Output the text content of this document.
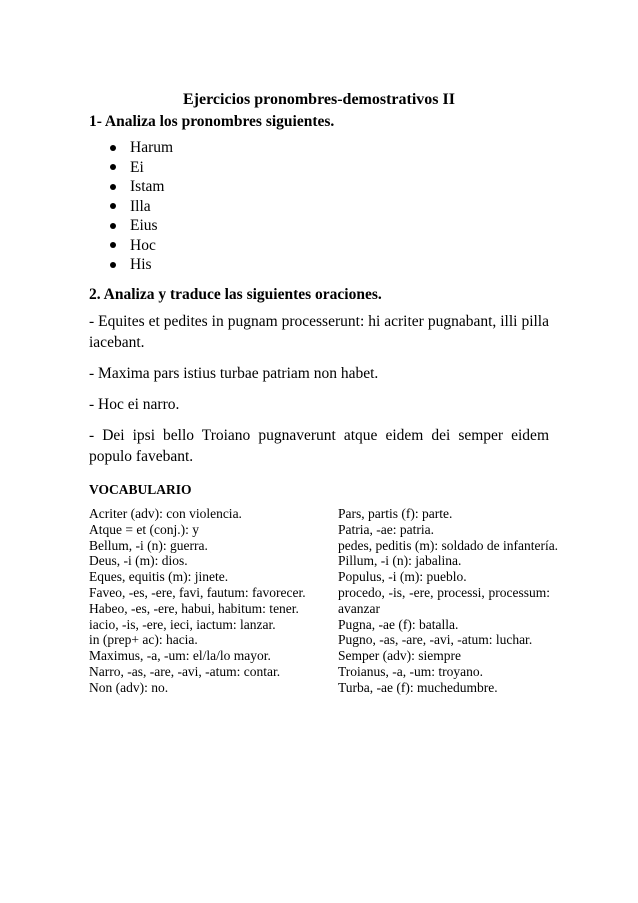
Ejercicios pronombres-demostrativos II
1- Analiza los pronombres siguientes.
Harum
Ei
Istam
Illa
Eius
Hoc
His
2. Analiza y traduce las siguientes oraciones.
- Equites et pedites in pugnam processerunt: hi acriter pugnabant, illi pilla iacebant.
- Maxima pars istius turbae patriam non habet.
- Hoc ei narro.
- Dei ipsi bello Troiano pugnaverunt atque eidem dei semper eidem populo favebant.
VOCABULARIO
Acriter (adv): con violencia.
Atque = et (conj.): y
Bellum, -i (n): guerra.
Deus, -i (m): dios.
Eques, equitis (m): jinete.
Faveo, -es, -ere, favi, fautum: favorecer.
Habeo, -es, -ere, habui, habitum: tener.
iacio, -is, -ere, ieci, iactum: lanzar.
in (prep+ ac): hacia.
Maximus, -a, -um: el/la/lo mayor.
Narro, -as, -are, -avi, -atum: contar.
Non (adv): no.
Pars, partis (f): parte.
Patria, -ae: patria.
pedes, peditis (m): soldado de infantería.
Pillum, -i (n): jabalina.
Populus, -i (m): pueblo.
procedo, -is, -ere, processi, processum:
avanzar
Pugna, -ae (f): batalla.
Pugno, -as, -are, -avi, -atum: luchar.
Semper (adv): siempre
Troianus, -a, -um: troyano.
Turba, -ae (f): muchedumbre.
